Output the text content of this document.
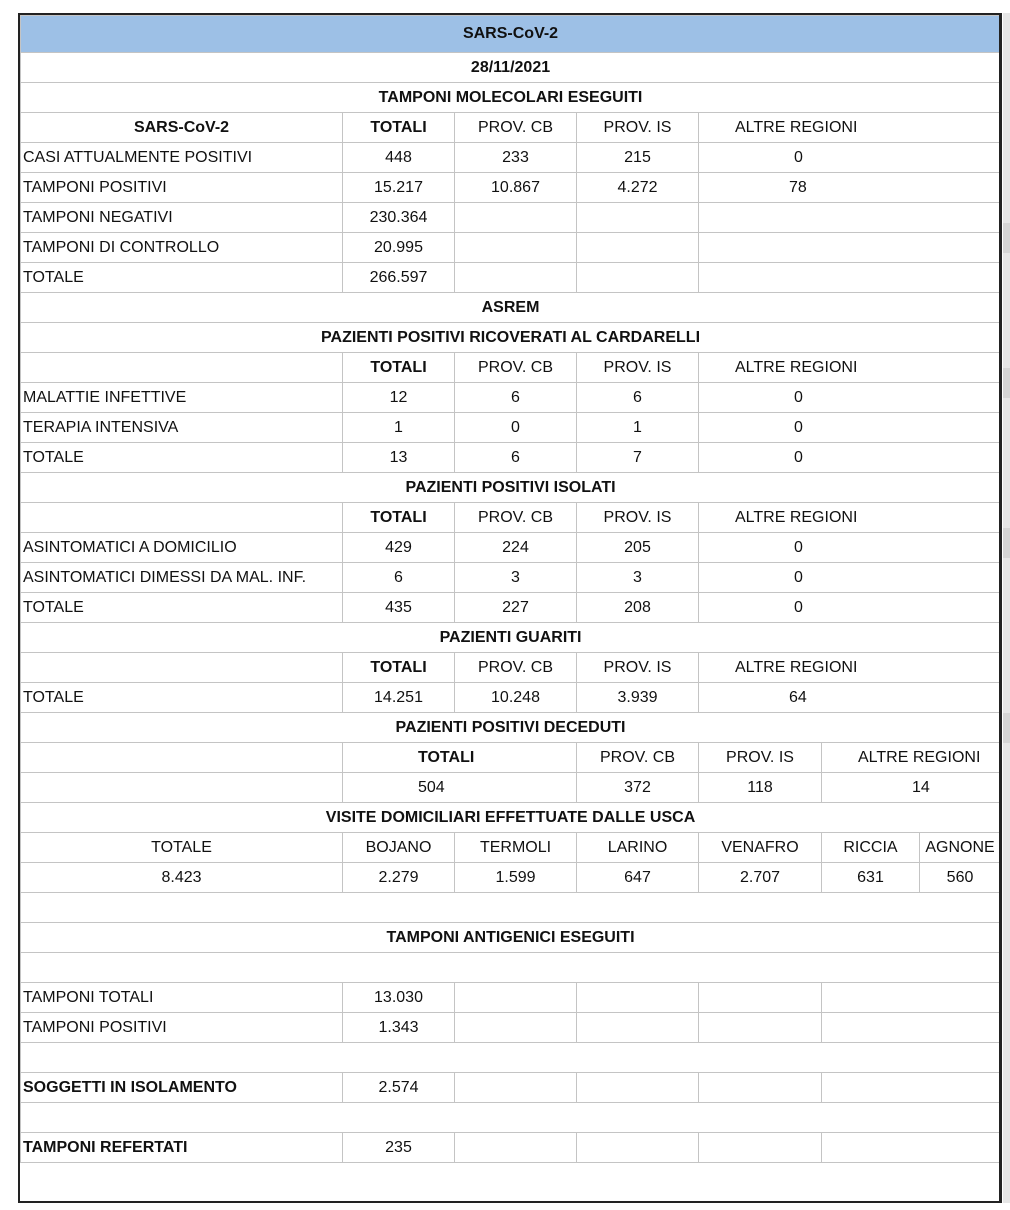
SARS-CoV-2						
28/11/2021						
TAMPONI MOLECOLARI ESEGUITI						
SARS-CoV-2	TOTALI	PROV. CB	PROV. IS	ALTRE REGIONI		
CASI ATTUALMENTE POSITIVI	448	233	215	0		
TAMPONI POSITIVI	15.217	10.867	4.272	78		
TAMPONI NEGATIVI	230.364					
TAMPONI DI CONTROLLO	20.995					
TOTALE	266.597					
ASREM						
PAZIENTI POSITIVI RICOVERATI AL CARDARELLI						
	TOTALI	PROV. CB	PROV. IS	ALTRE REGIONI		
MALATTIE INFETTIVE	12	6	6	0		
TERAPIA INTENSIVA	1	0	1	0		
TOTALE	13	6	7	0		
PAZIENTI POSITIVI ISOLATI						
	TOTALI	PROV. CB	PROV. IS	ALTRE REGIONI		
ASINTOMATICI A DOMICILIO	429	224	205	0		
ASINTOMATICI DIMESSI DA MAL. INF.	6	3	3	0		
TOTALE	435	227	208	0		
PAZIENTI GUARITI						
	TOTALI	PROV. CB	PROV. IS	ALTRE REGIONI		
TOTALE	14.251	10.248	3.939	64		
PAZIENTI POSITIVI DECEDUTI						
	TOTALI		PROV. CB	PROV. IS	ALTRE REGIONI	
	504		372	118	14	
VISITE DOMICILIARI EFFETTUATE DALLE USCA						
TOTALE	BOJANO	TERMOLI	LARINO	VENAFRO	RICCIA	AGNONE
8.423	2.279	1.599	647	2.707	631	560

TAMPONI ANTIGENICI ESEGUITI						

TAMPONI TOTALI	13.030					
TAMPONI POSITIVI	1.343					

SOGGETTI IN ISOLAMENTO	2.574					

TAMPONI REFERTATI	235					
